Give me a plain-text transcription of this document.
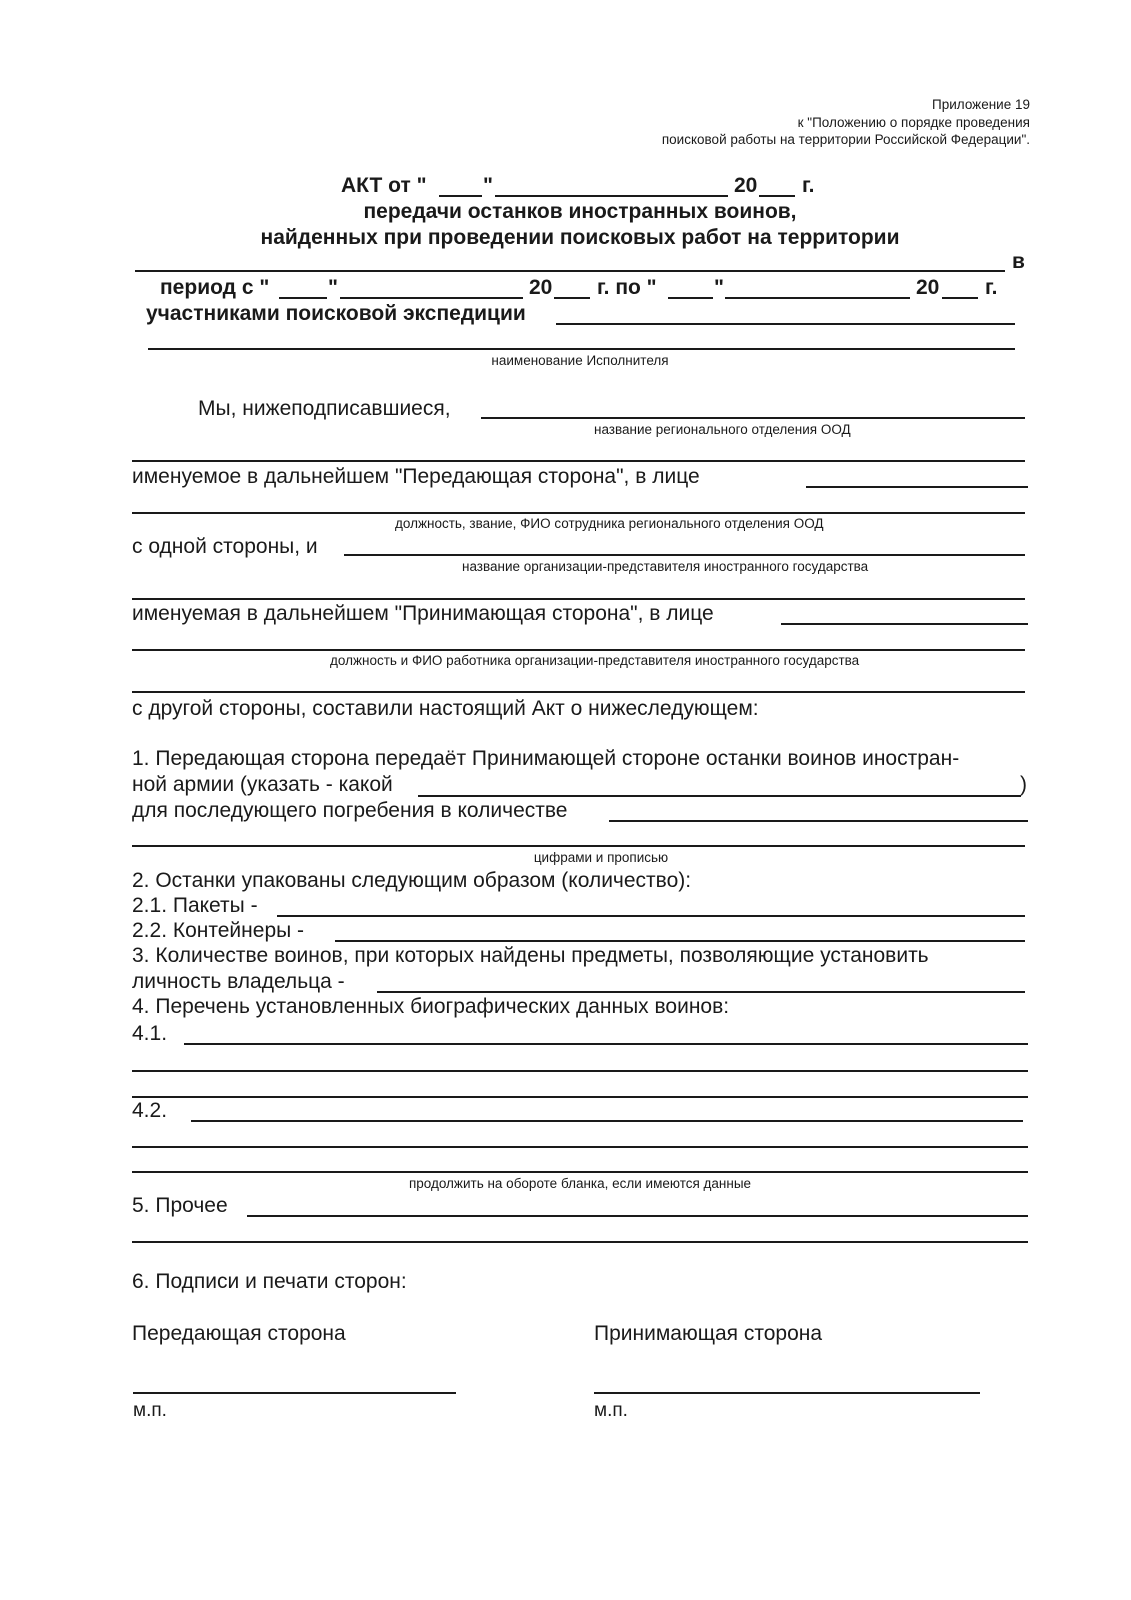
Приложение 19
к "Положению о порядке проведения
поисковой работы на территории Российской Федерации".
АКТ от "	"	20 г.
передачи останков иностранных воинов,
найденных при проведении поисковых работ на территории
в
период с "	"	20 г. по "	"	20 г.
участниками поисковой экспедиции
наименование Исполнителя
Мы, нижеподписавшиеся,
название регионального отделения ООД
именуемое в дальнейшем "Передающая сторона", в лице
должность, звание, ФИО сотрудника регионального отделения ООД
с одной стороны, и
название организации-представителя иностранного государства
именуемая в дальнейшем "Принимающая сторона", в лице
должность и ФИО работника организации-представителя иностранного государства
с другой стороны, составили настоящий Акт о нижеследующем:
1. Передающая сторона передаёт Принимающей стороне останки воинов иностран-
ной армии (указать - какой	)
для последующего погребения в количестве
цифрами и прописью
2. Останки упакованы следующим образом (количество):
2.1. Пакеты -
2.2. Контейнеры -
3. Количестве воинов, при которых найдены предметы, позволяющие установить
личность владельца -
4. Перечень установленных биографических данных воинов:
4.1.
4.2.
продолжить на обороте бланка, если имеются данные
5. Прочее
6. Подписи и печати сторон:
Передающая сторона	Принимающая сторона
м.п.	м.п.
